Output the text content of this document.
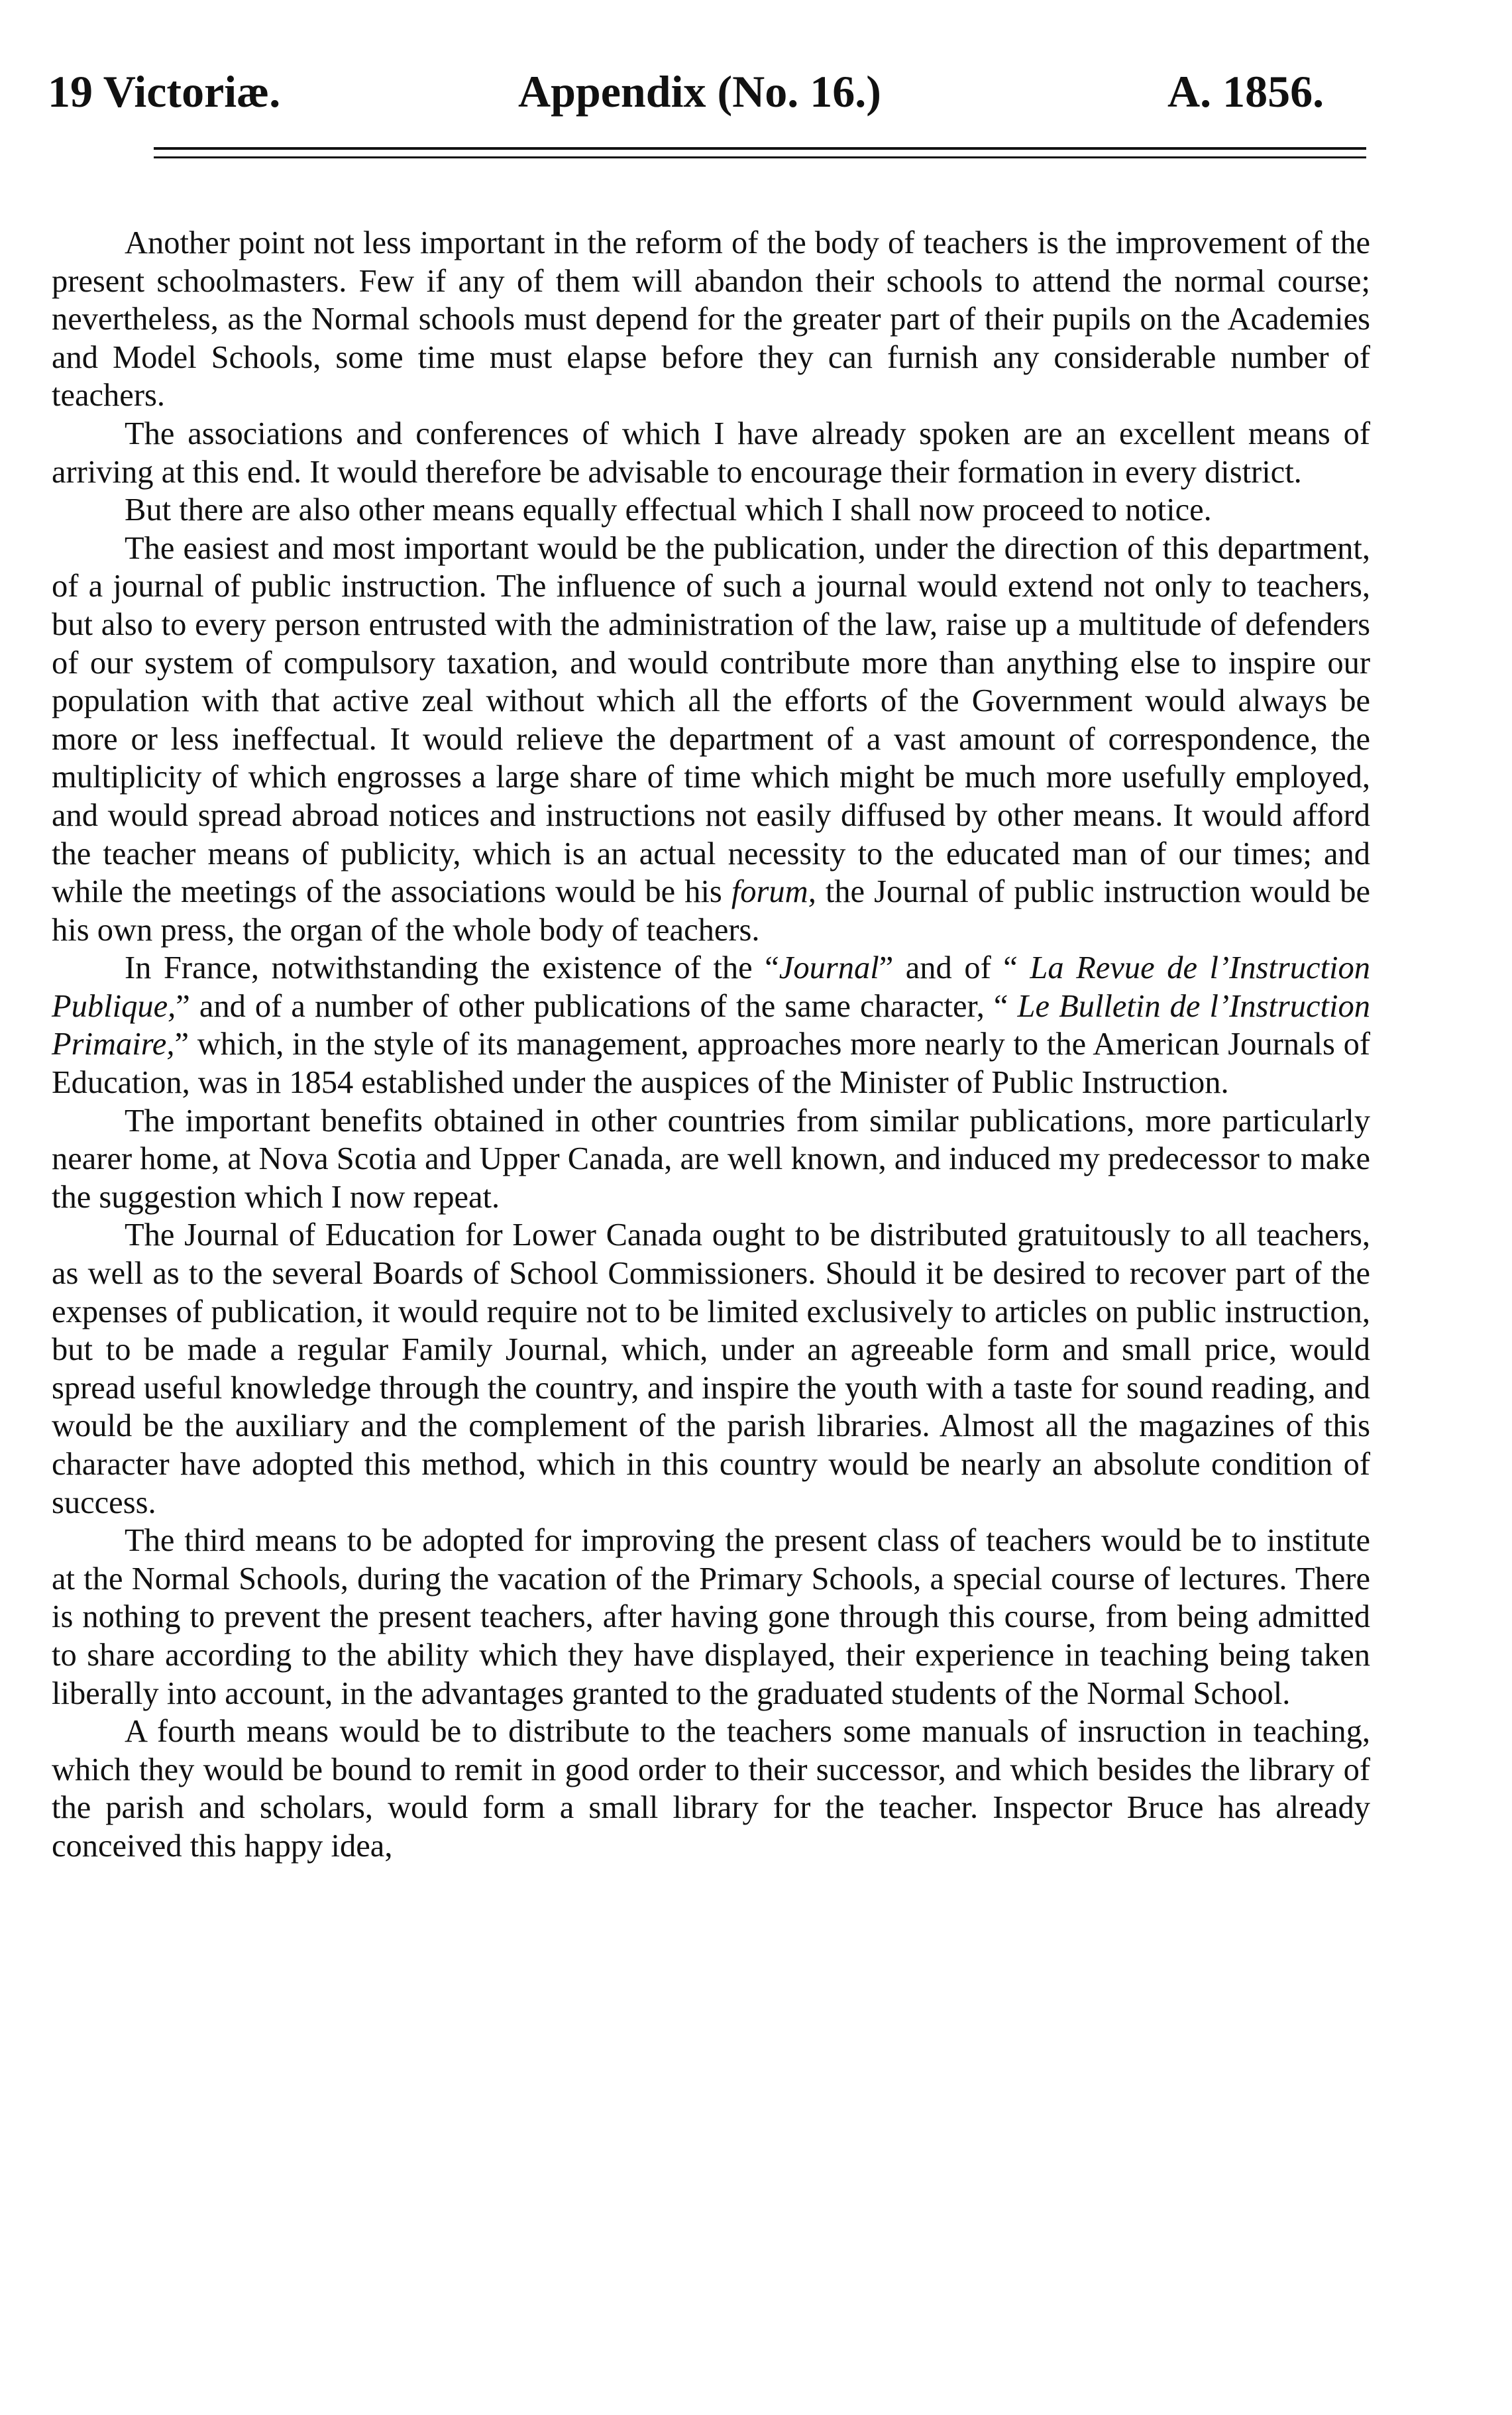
19 Victoriæ.	Appendix (No. 16.)	A. 1856.

Another point not less important in the reform of the body of teachers is the improvement of the present schoolmasters. Few if any of them will abandon their schools to attend the normal course; nevertheless, as the Normal schools must depend for the greater part of their pupils on the Academies and Model Schools, some time must elapse before they can furnish any considerable number of teachers.

The associations and conferences of which I have already spoken are an excellent means of arriving at this end. It would therefore be advisable to encourage their formation in every district.

But there are also other means equally effectual which I shall now proceed to notice.

The easiest and most important would be the publication, under the direction of this department, of a journal of public instruction. The influence of such a journal would extend not only to teachers, but also to every person entrusted with the administration of the law, raise up a multitude of defenders of our system of compulsory taxation, and would contribute more than anything else to inspire our population with that active zeal without which all the efforts of the Government would always be more or less ineffectual. It would relieve the department of a vast amount of correspondence, the multiplicity of which engrosses a large share of time which might be much more usefully employed, and would spread abroad notices and instructions not easily diffused by other means. It would afford the teacher means of publicity, which is an actual necessity to the educated man of our times; and while the meetings of the associations would be his forum, the Journal of public instruction would be his own press, the organ of the whole body of teachers.

In France, notwithstanding the existence of the “Journal” and of “ La Revue de l’Instruction Publique,” and of a number of other publications of the same character, “ Le Bulletin de l’Instruction Primaire,” which, in the style of its management, approaches more nearly to the American Journals of Education, was in 1854 established under the auspices of the Minister of Public Instruction.

The important benefits obtained in other countries from similar publications, more particularly nearer home, at Nova Scotia and Upper Canada, are well known, and induced my predecessor to make the suggestion which I now repeat.

The Journal of Education for Lower Canada ought to be distributed gratuitously to all teachers, as well as to the several Boards of School Commissioners. Should it be desired to recover part of the expenses of publication, it would require not to be limited exclusively to articles on public instruction, but to be made a regular Family Journal, which, under an agreeable form and small price, would spread useful knowledge through the country, and inspire the youth with a taste for sound reading, and would be the auxiliary and the complement of the parish libraries. Almost all the magazines of this character have adopted this method, which in this country would be nearly an absolute condition of success.

The third means to be adopted for improving the present class of teachers would be to institute at the Normal Schools, during the vacation of the Primary Schools, a special course of lectures. There is nothing to prevent the present teachers, after having gone through this course, from being admitted to share according to the ability which they have displayed, their experience in teaching being taken liberally into account, in the advantages granted to the graduated students of the Normal School.

A fourth means would be to distribute to the teachers some manuals of insruction in teaching, which they would be bound to remit in good order to their successor, and which besides the library of the parish and scholars, would form a small library for the teacher. Inspector Bruce has already conceived this happy idea,
